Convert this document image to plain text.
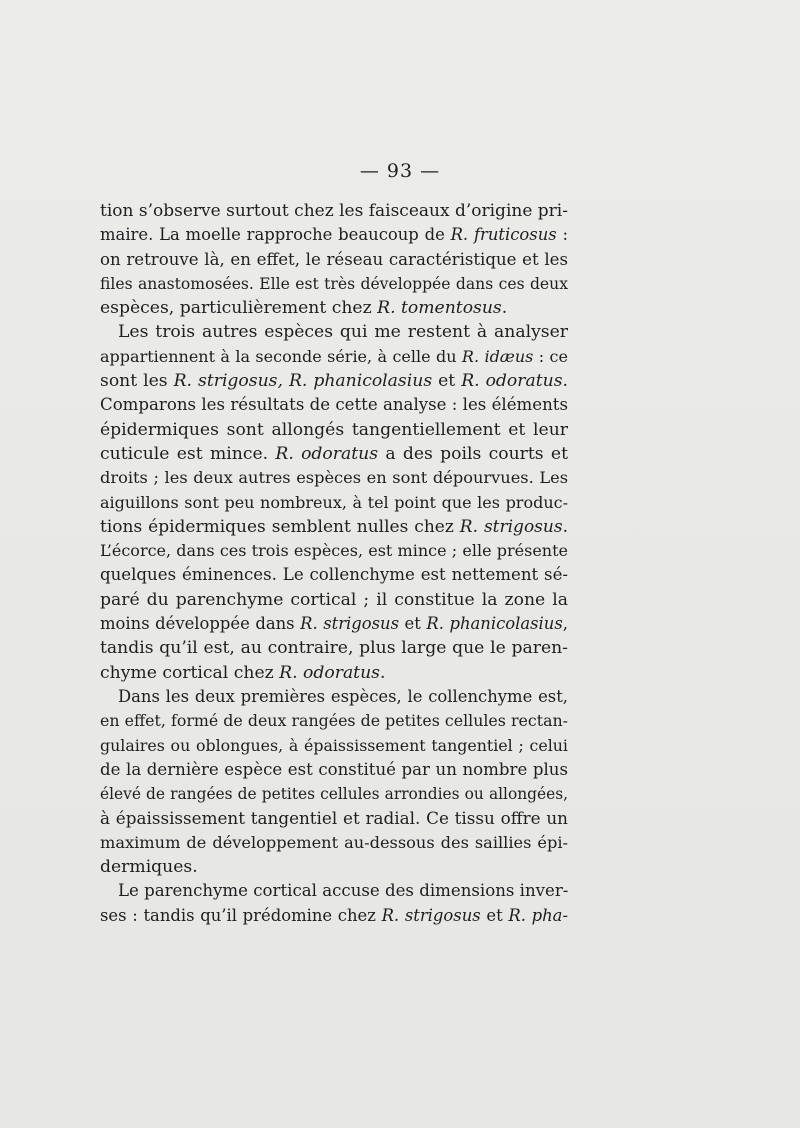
— 93 —
tion s’observe surtout chez les faisceaux d’origine pri-
maire. La moelle rapproche beaucoup de R. fruticosus :
on retrouve là, en effet, le réseau caractéristique et les
files anastomosées. Elle est très développée dans ces deux
espèces, particulièrement chez R. tomentosus.
Les trois autres espèces qui me restent à analyser
appartiennent à la seconde série, à celle du R. idæus : ce
sont les R. strigosus, R. phanicolasius et R. odoratus.
Comparons les résultats de cette analyse : les éléments
épidermiques sont allongés tangentiellement et leur
cuticule est mince. R. odoratus a des poils courts et
droits ; les deux autres espèces en sont dépourvues. Les
aiguillons sont peu nombreux, à tel point que les produc-
tions épidermiques semblent nulles chez R. strigosus.
L’écorce, dans ces trois espèces, est mince ; elle présente
quelques éminences. Le collenchyme est nettement sé-
paré du parenchyme cortical ; il constitue la zone la
moins développée dans R. strigosus et R. phanicolasius,
tandis qu’il est, au contraire, plus large que le paren-
chyme cortical chez R. odoratus.
Dans les deux premières espèces, le collenchyme est,
en effet, formé de deux rangées de petites cellules rectan-
gulaires ou oblongues, à épaississement tangentiel ; celui
de la dernière espèce est constitué par un nombre plus
élevé de rangées de petites cellules arrondies ou allongées,
à épaississement tangentiel et radial. Ce tissu offre un
maximum de développement au-dessous des saillies épi-
dermiques.
Le parenchyme cortical accuse des dimensions inver-
ses : tandis qu’il prédomine chez R. strigosus et R. pha-
